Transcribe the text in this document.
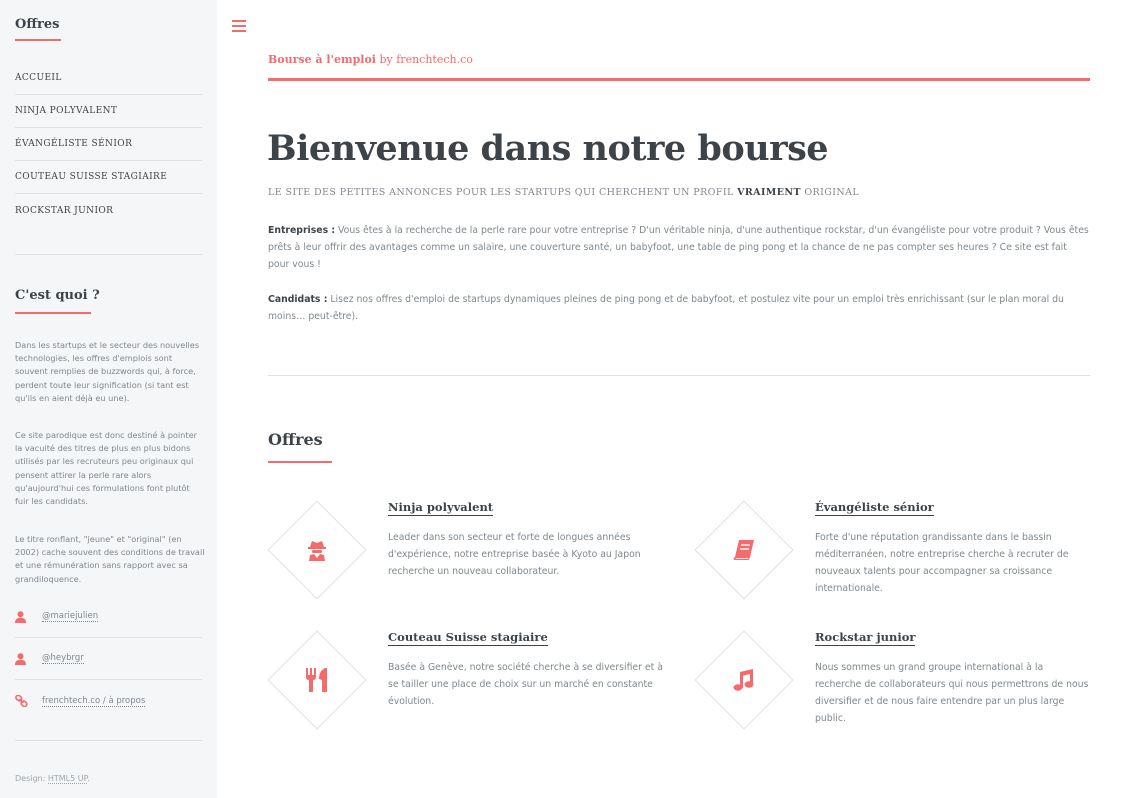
Offres
ACCUEIL
NINJA POLYVALENT
ÉVANGÉLISTE SÉNIOR
COUTEAU SUISSE STAGIAIRE
ROCKSTAR JUNIOR
C'est quoi ?

Dans les startups et le secteur des nouvelles technologies, les offres d'emplois sont souvent remplies de buzzwords qui, à force, perdent toute leur signification (si tant est qu'ils en aient déjà eu une).

Ce site parodique est donc destiné à pointer la vacuité des titres de plus en plus bidons utilisés par les recruteurs peu originaux qui pensent attirer la perle rare alors qu'aujourd'hui ces formulations font plutôt fuir les candidats.

Le titre ronflant, "jeune" et "original" (en 2002) cache souvent des conditions de travail et une rémunération sans rapport avec sa grandiloquence.

@mariejulien
@heybrgr
frenchtech.co / à propos
Design: HTML5 UP.
Bourse à l'emploi by frenchtech.co
Bienvenue dans notre bourse

LE SITE DES PETITES ANNONCES POUR LES STARTUPS QUI CHERCHENT UN PROFIL VRAIMENT ORIGINAL

Entreprises : Vous êtes à la recherche de la perle rare pour votre entreprise ? D'un véritable ninja, d'une authentique rockstar, d'un évangéliste pour votre produit ? Vous êtes prêts à leur offrir des avantages comme un salaire, une couverture santé, un babyfoot, une table de ping pong et la chance de ne pas compter ses heures ? Ce site est fait pour vous !

Candidats : Lisez nos offres d'emploi de startups dynamiques pleines de ping pong et de babyfoot, et postulez vite pour un emploi très enrichissant (sur le plan moral du moins… peut-être).

Offres
Ninja polyvalent

Leader dans son secteur et forte de longues années d'expérience, notre entreprise basée à Kyoto au Japon recherche un nouveau collaborateur.

Évangéliste sénior

Forte d'une réputation grandissante dans le bassin méditerranéen, notre entreprise cherche à recruter de nouveaux talents pour accompagner sa croissance internationale.

Couteau Suisse stagiaire

Basée à Genève, notre société cherche à se diversifier et à se tailler une place de choix sur un marché en constante évolution.

Rockstar junior

Nous sommes un grand groupe international à la recherche de collaborateurs qui nous permettrons de nous diversifier et de nous faire entendre par un plus large public.
